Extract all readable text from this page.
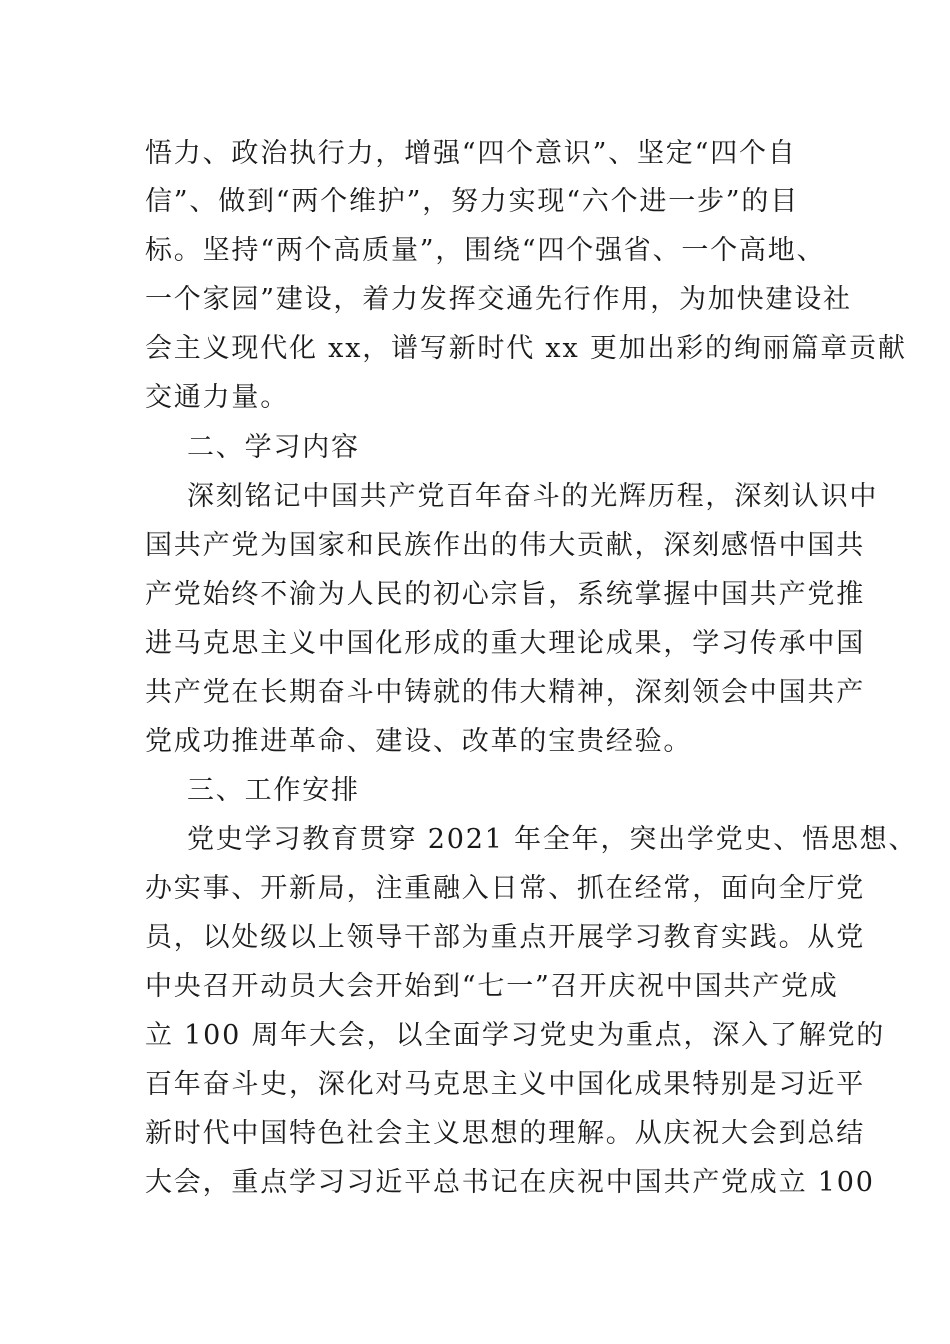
悟力、政治执行力，增强“四个意识”、坚定“四个自
信”、做到“两个维护”，努力实现“六个进一步”的目
标。坚持“两个高质量”，围绕“四个强省、一个高地、
一个家园”建设，着力发挥交通先行作用，为加快建设社
会主义现代化 xx，谱写新时代 xx 更加出彩的绚丽篇章贡献
交通力量。
二、学习内容
深刻铭记中国共产党百年奋斗的光辉历程，深刻认识中
国共产党为国家和民族作出的伟大贡献，深刻感悟中国共
产党始终不渝为人民的初心宗旨，系统掌握中国共产党推
进马克思主义中国化形成的重大理论成果，学习传承中国
共产党在长期奋斗中铸就的伟大精神，深刻领会中国共产
党成功推进革命、建设、改革的宝贵经验。
三、工作安排
党史学习教育贯穿 2021 年全年，突出学党史、悟思想、
办实事、开新局，注重融入日常、抓在经常，面向全厅党
员，以处级以上领导干部为重点开展学习教育实践。从党
中央召开动员大会开始到“七一”召开庆祝中国共产党成
立 100 周年大会，以全面学习党史为重点，深入了解党的
百年奋斗史，深化对马克思主义中国化成果特别是习近平
新时代中国特色社会主义思想的理解。从庆祝大会到总结
大会，重点学习习近平总书记在庆祝中国共产党成立 100
